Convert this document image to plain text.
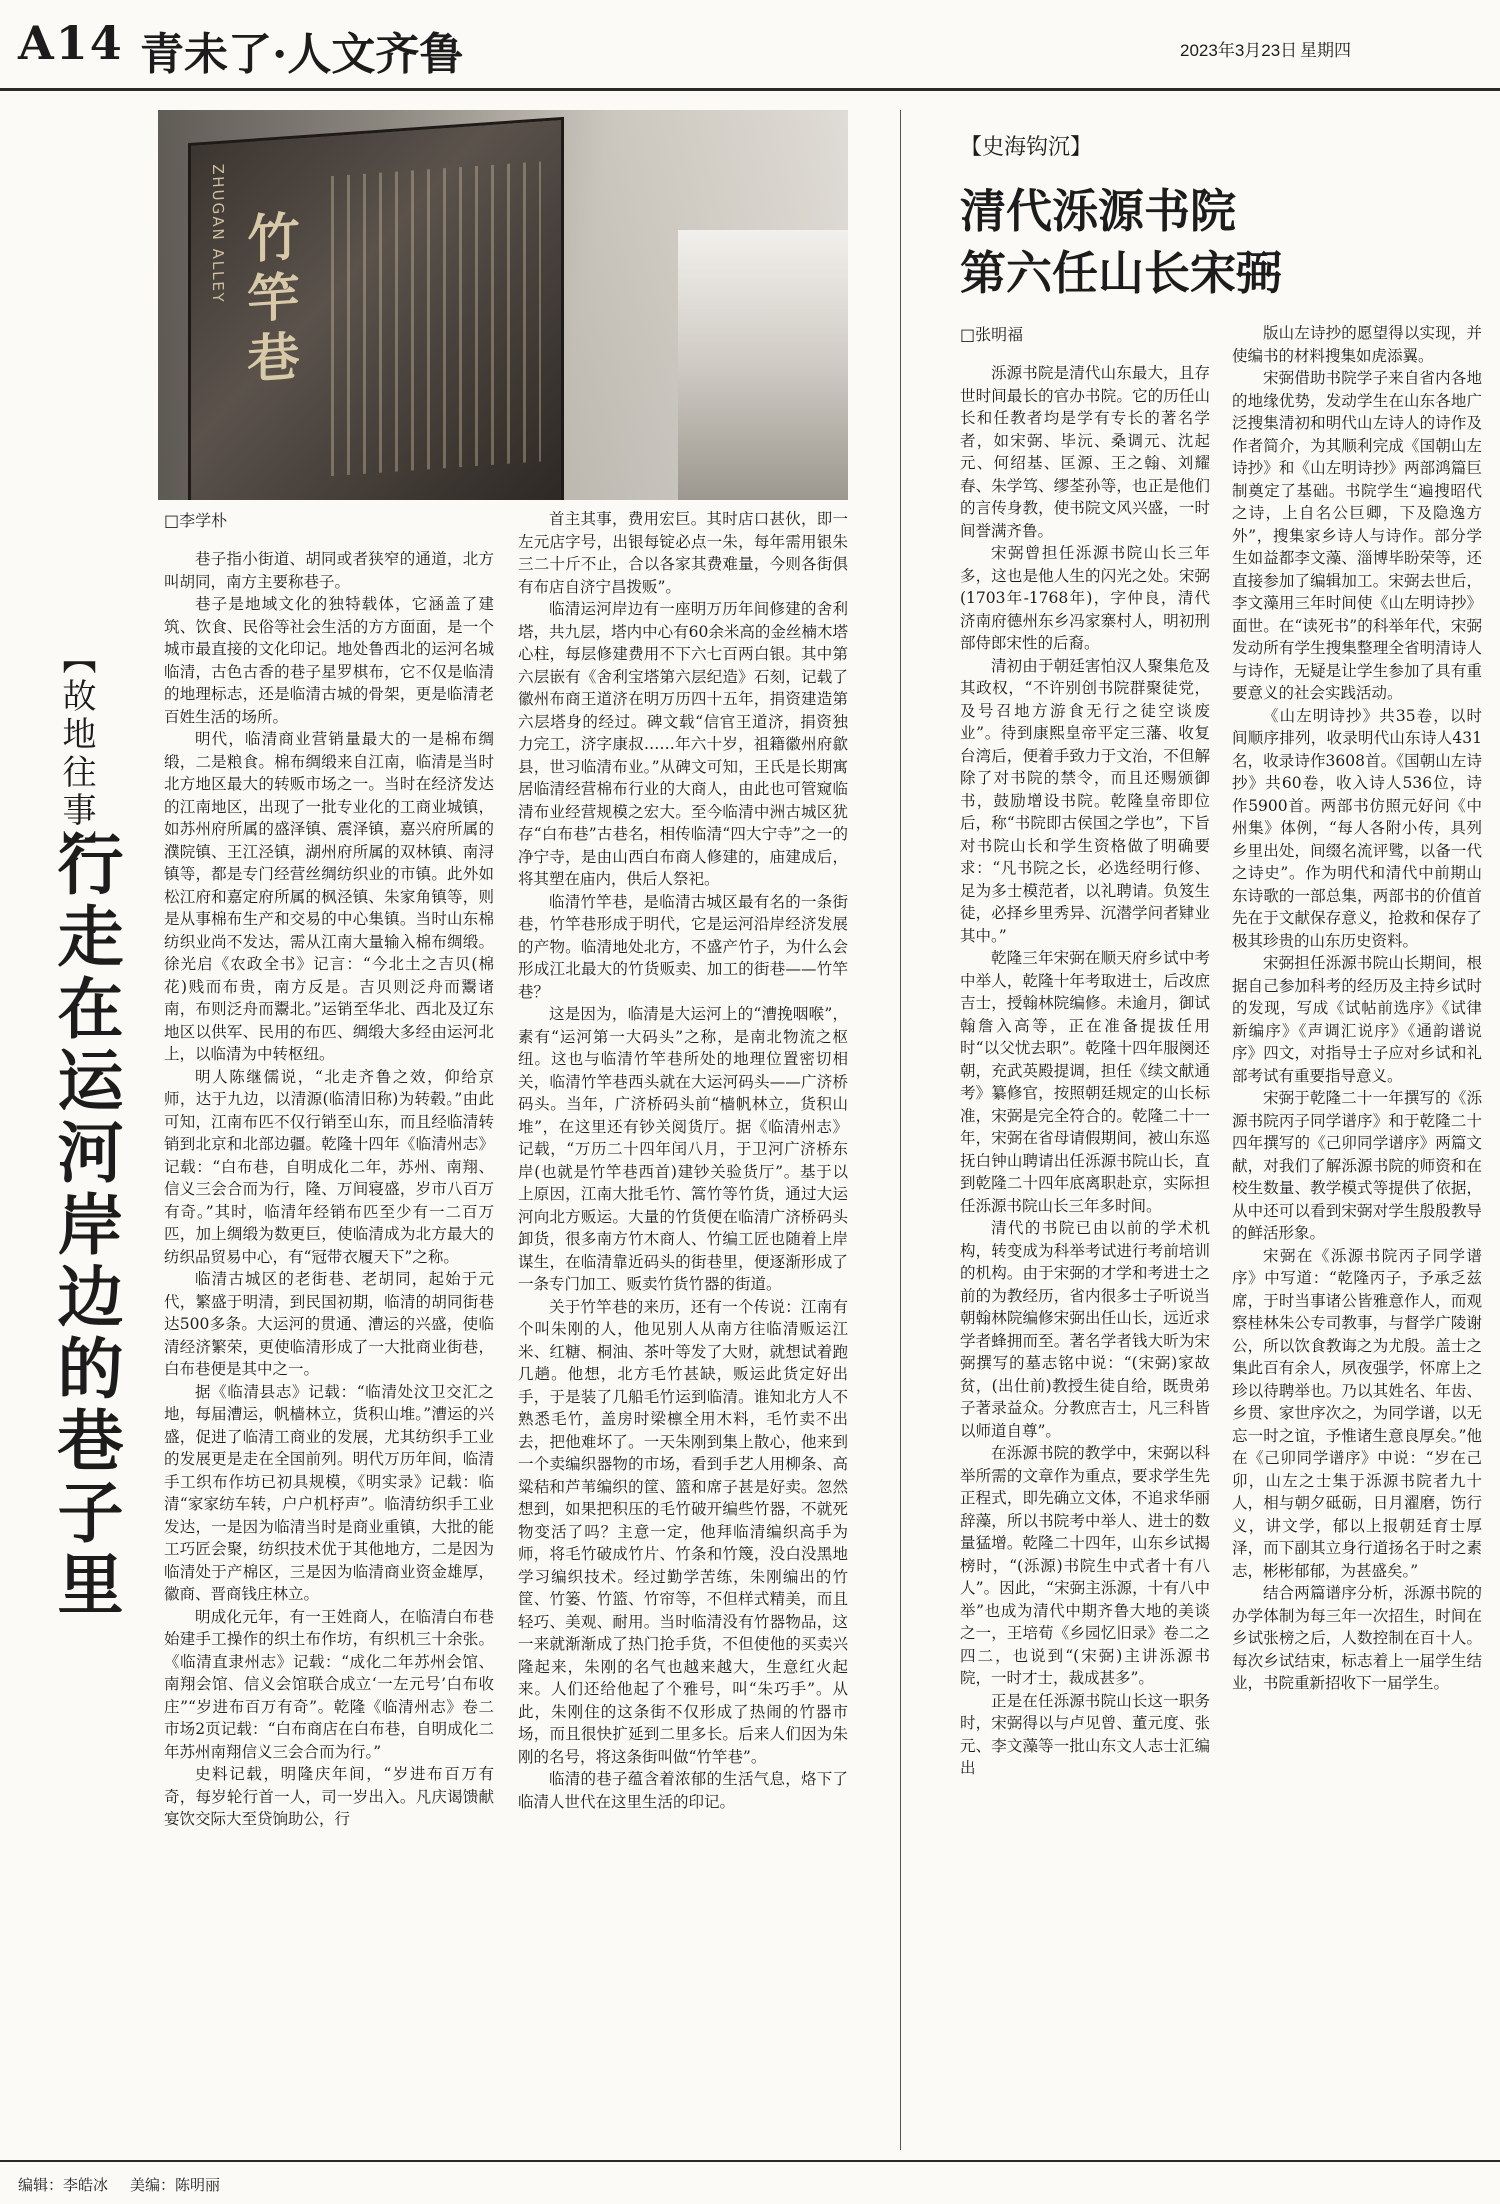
A14 青未了·人文齐鲁	2023年3月23日 星期四
竹竿巷
ZHUGAN ALLEY
【故地往事】
行走在运河岸边的巷子里
□李学朴

巷子指小街道、胡同或者狭窄的通道，北方叫胡同，南方主要称巷子。

巷子是地域文化的独特载体，它涵盖了建筑、饮食、民俗等社会生活的方方面面，是一个城市最直接的文化印记。地处鲁西北的运河名城临清，古色古香的巷子星罗棋布，它不仅是临清的地理标志，还是临清古城的骨架，更是临清老百姓生活的场所。

明代，临清商业营销量最大的一是棉布绸缎，二是粮食。棉布绸缎来自江南，临清是当时北方地区最大的转贩市场之一。当时在经济发达的江南地区，出现了一批专业化的工商业城镇，如苏州府所属的盛泽镇、震泽镇，嘉兴府所属的濮院镇、王江泾镇，湖州府所属的双林镇、南浔镇等，都是专门经营丝绸纺织业的市镇。此外如松江府和嘉定府所属的枫泾镇、朱家角镇等，则是从事棉布生产和交易的中心集镇。当时山东棉纺织业尚不发达，需从江南大量输入棉布绸缎。徐光启《农政全书》记言：“今北土之吉贝(棉花)贱而布贵，南方反是。吉贝则泛舟而鬻诸南，布则泛舟而鬻北。”运销至华北、西北及辽东地区以供军、民用的布匹、绸缎大多经由运河北上，以临清为中转枢纽。

明人陈继儒说，“北走齐鲁之效，仰给京师，达于九边，以清源(临清旧称)为转毂。”由此可知，江南布匹不仅行销至山东，而且经临清转销到北京和北部边疆。乾隆十四年《临清州志》记载：“白布巷，自明成化二年，苏州、南翔、信义三会合而为行，隆、万间寝盛，岁市八百万有奇。”其时，临清年经销布匹至少有一二百万匹，加上绸缎为数更巨，使临清成为北方最大的纺织品贸易中心，有“冠带衣履天下”之称。

临清古城区的老街巷、老胡同，起始于元代，繁盛于明清，到民国初期，临清的胡同街巷达500多条。大运河的贯通、漕运的兴盛，使临清经济繁荣，更使临清形成了一大批商业街巷，白布巷便是其中之一。

据《临清县志》记载：“临清处汶卫交汇之地，每届漕运，帆樯林立，货积山堆。”漕运的兴盛，促进了临清工商业的发展，尤其纺织手工业的发展更是走在全国前列。明代万历年间，临清手工织布作坊已初具规模，《明实录》记载：临清“家家纺车转，户户机杼声”。临清纺织手工业发达，一是因为临清当时是商业重镇，大批的能工巧匠会聚，纺织技术优于其他地方，二是因为临清处于产棉区，三是因为临清商业资金雄厚，徽商、晋商钱庄林立。

明成化元年，有一王姓商人，在临清白布巷始建手工操作的织土布作坊，有织机三十余张。《临清直隶州志》记载：“成化二年苏州会馆、南翔会馆、信义会馆联合成立‘一左元号’白布收庄”“岁进布百万有奇”。乾隆《临清州志》卷二市场2页记载：“白布商店在白布巷，自明成化二年苏州南翔信义三会合而为行。”

史料记载，明隆庆年间，“岁进布百万有奇，每岁轮行首一人，司一岁出入。凡庆谒馈献宴饮交际大至贷饷助公，行

首主其事，费用宏巨。其时店口甚伙，即一左元店字号，出银每锭必点一朱，每年需用银朱三二十斤不止，合以各家其费难量，今则各街俱有布店自济宁昌拨贩”。

临清运河岸边有一座明万历年间修建的舍利塔，共九层，塔内中心有60余米高的金丝楠木塔心柱，每层修建费用不下六七百两白银。其中第六层嵌有《舍利宝塔第六层纪造》石刻，记载了徽州布商王道济在明万历四十五年，捐资建造第六层塔身的经过。碑文载“信官王道济，捐资独力完工，济字康叔……年六十岁，祖籍徽州府歙县，世习临清布业。”从碑文可知，王氏是长期寓居临清经营棉布行业的大商人，由此也可管窥临清布业经营规模之宏大。至今临清中洲古城区犹存“白布巷”古巷名，相传临清“四大宁寺”之一的净宁寺，是由山西白布商人修建的，庙建成后，将其塑在庙内，供后人祭祀。

临清竹竿巷，是临清古城区最有名的一条街巷，竹竿巷形成于明代，它是运河沿岸经济发展的产物。临清地处北方，不盛产竹子，为什么会形成江北最大的竹货贩卖、加工的街巷——竹竿巷？

这是因为，临清是大运河上的“漕挽咽喉”，素有“运河第一大码头”之称，是南北物流之枢纽。这也与临清竹竿巷所处的地理位置密切相关，临清竹竿巷西头就在大运河码头——广济桥码头。当年，广济桥码头前“樯帆林立，货积山堆”，在这里还有钞关阅货厅。据《临清州志》记载，“万历二十四年闰八月，于卫河广济桥东岸(也就是竹竿巷西首)建钞关验货厅”。基于以上原因，江南大批毛竹、篙竹等竹货，通过大运河向北方贩运。大量的竹货便在临清广济桥码头卸货，很多南方竹木商人、竹编工匠也随着上岸谋生，在临清靠近码头的街巷里，便逐渐形成了一条专门加工、贩卖竹货竹器的街道。

关于竹竿巷的来历，还有一个传说：江南有个叫朱刚的人，他见别人从南方往临清贩运江米、红糖、桐油、茶叶等发了大财，就想试着跑几趟。他想，北方毛竹甚缺，贩运此货定好出手，于是装了几船毛竹运到临清。谁知北方人不熟悉毛竹，盖房时梁檩全用木料，毛竹卖不出去，把他难坏了。一天朱刚到集上散心，他来到一个卖编织器物的市场，看到手艺人用柳条、高粱秸和芦苇编织的筐、篮和席子甚是好卖。忽然想到，如果把积压的毛竹破开编些竹器，不就死物变活了吗？主意一定，他拜临清编织高手为师，将毛竹破成竹片、竹条和竹篾，没白没黑地学习编织技术。经过勤学苦练，朱刚编出的竹筐、竹篓、竹篮、竹帘等，不但样式精美，而且轻巧、美观、耐用。当时临清没有竹器物品，这一来就渐渐成了热门抢手货，不但使他的买卖兴隆起来，朱刚的名气也越来越大，生意红火起来。人们还给他起了个雅号，叫“朱巧手”。从此，朱刚住的这条街不仅形成了热闹的竹器市场，而且很快扩延到二里多长。后来人们因为朱刚的名号，将这条街叫做“竹竿巷”。

临清的巷子蕴含着浓郁的生活气息，烙下了临清人世代在这里生活的印记。

【史海钩沉】
清代泺源书院
第六任山长宋弼
□张明福

泺源书院是清代山东最大，且存世时间最长的官办书院。它的历任山长和任教者均是学有专长的著名学者，如宋弼、毕沅、桑调元、沈起元、何绍基、匡源、王之翰、刘耀春、朱学笃、缪荃孙等，也正是他们的言传身教，使书院文风兴盛，一时间誉满齐鲁。

宋弼曾担任泺源书院山长三年多，这也是他人生的闪光之处。宋弼(1703年-1768年)，字仲良，清代济南府德州东乡冯家寨村人，明初刑部侍郎宋性的后裔。

清初由于朝廷害怕汉人聚集危及其政权，“不许别创书院群聚徒党，及号召地方游食无行之徒空谈废业”。待到康熙皇帝平定三藩、收复台湾后，便着手致力于文治，不但解除了对书院的禁令，而且还赐颁御书，鼓励增设书院。乾隆皇帝即位后，称“书院即古侯国之学也”，下旨对书院山长和学生资格做了明确要求：“凡书院之长，必选经明行修、足为多士模范者，以礼聘请。负笈生徒，必择乡里秀异、沉潜学问者肄业其中。”

乾隆三年宋弼在顺天府乡试中考中举人，乾隆十年考取进士，后改庶吉士，授翰林院编修。未逾月，御试翰詹入高等，正在准备提拔任用时“以父忧去职”。乾隆十四年服阕还朝，充武英殿提调，担任《续文献通考》纂修官，按照朝廷规定的山长标准，宋弼是完全符合的。乾隆二十一年，宋弼在省母请假期间，被山东巡抚白钟山聘请出任泺源书院山长，直到乾隆二十四年底离职赴京，实际担任泺源书院山长三年多时间。

清代的书院已由以前的学术机构，转变成为科举考试进行考前培训的机构。由于宋弼的才学和考进士之前的为教经历，省内很多士子听说当朝翰林院编修宋弼出任山长，远近求学者蜂拥而至。著名学者钱大昕为宋弼撰写的墓志铭中说：“(宋弼)家故贫，(出仕前)教授生徒自给，既贵弟子著录益众。分教庶吉士，凡三科皆以师道自尊”。

在泺源书院的教学中，宋弼以科举所需的文章作为重点，要求学生先正程式，即先确立文体，不追求华丽辞藻，所以书院考中举人、进士的数量猛增。乾隆二十四年，山东乡试揭榜时，“(泺源)书院生中式者十有八人”。因此，“宋弼主泺源，十有八中举”也成为清代中期齐鲁大地的美谈之一，王培荀《乡园忆旧录》卷二之四二，也说到“(宋弼)主讲泺源书院，一时才士，裁成甚多”。

正是在任泺源书院山长这一职务时，宋弼得以与卢见曾、董元度、张元、李文藻等一批山东文人志士汇编出

版山左诗抄的愿望得以实现，并使编书的材料搜集如虎添翼。

宋弼借助书院学子来自省内各地的地缘优势，发动学生在山东各地广泛搜集清初和明代山左诗人的诗作及作者简介，为其顺利完成《国朝山左诗抄》和《山左明诗抄》两部鸿篇巨制奠定了基础。书院学生“遍搜昭代之诗，上自名公巨卿，下及隐逸方外”，搜集家乡诗人与诗作。部分学生如益都李文藻、淄博毕盼荣等，还直接参加了编辑加工。宋弼去世后，李文藻用三年时间使《山左明诗抄》面世。在“读死书”的科举年代，宋弼发动所有学生搜集整理全省明清诗人与诗作，无疑是让学生参加了具有重要意义的社会实践活动。

《山左明诗抄》共35卷，以时间顺序排列，收录明代山东诗人431名，收录诗作3608首。《国朝山左诗抄》共60卷，收入诗人536位，诗作5900首。两部书仿照元好问《中州集》体例，“每人各附小传，具列乡里出处，间缀名流评骘，以备一代之诗史”。作为明代和清代中前期山东诗歌的一部总集，两部书的价值首先在于文献保存意义，抢救和保存了极其珍贵的山东历史资料。

宋弼担任泺源书院山长期间，根据自己参加科考的经历及主持乡试时的发现，写成《试帖前选序》《试律新编序》《声调汇说序》《通韵谱说序》四文，对指导士子应对乡试和礼部考试有重要指导意义。

宋弼于乾隆二十一年撰写的《泺源书院丙子同学谱序》和于乾隆二十四年撰写的《己卯同学谱序》两篇文献，对我们了解泺源书院的师资和在校生数量、教学模式等提供了依据，从中还可以看到宋弼对学生殷殷教导的鲜活形象。

宋弼在《泺源书院丙子同学谱序》中写道：“乾隆丙子，予承乏兹席，于时当事诸公皆雅意作人，而观察桂林朱公专司教事，与督学广陵谢公，所以饮食教诲之为尤殷。盖士之集此百有余人，夙夜强学，怀席上之珍以待聘举也。乃以其姓名、年齿、乡贯、家世序次之，为同学谱，以无忘一时之谊，予惟诸生意良厚矣。”他在《己卯同学谱序》中说：“岁在己卯，山左之士集于泺源书院者九十人，相与朝夕砥砺，日月濯磨，饬行义，讲文学，郁以上报朝廷育士厚泽，而下副其立身行道扬名于时之素志，彬彬郁郁，为甚盛矣。”

结合两篇谱序分析，泺源书院的办学体制为每三年一次招生，时间在乡试张榜之后，人数控制在百十人。每次乡试结束，标志着上一届学生结业，书院重新招收下一届学生。

编辑：李皓冰 美编：陈明丽
